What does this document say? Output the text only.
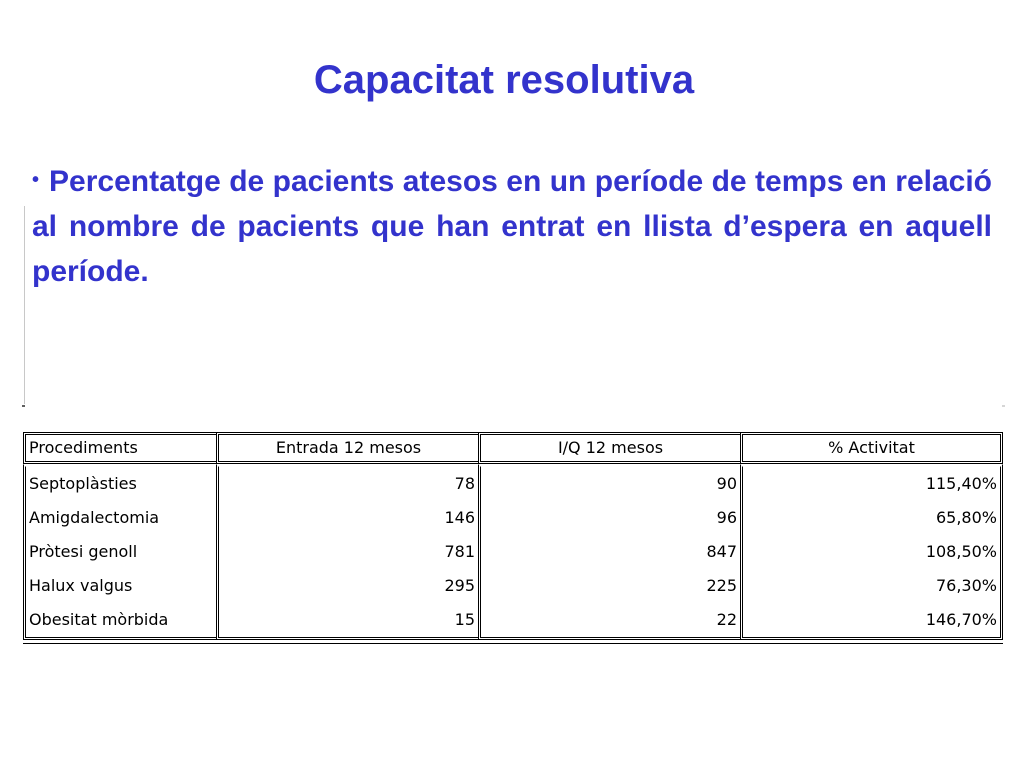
Capacitat resolutiva

• Percentatge de pacients atesos en un període de temps en relació al nombre de pacients que han entrat en llista d’espera en aquell període.

Procediments	Entrada 12 mesos	I/Q 12 mesos	% Activitat
Septoplàsties	78	90	115,40%
Amigdalectomia	146	96	65,80%
Pròtesi genoll	781	847	108,50%
Halux valgus	295	225	76,30%
Obesitat mòrbida	15	22	146,70%
